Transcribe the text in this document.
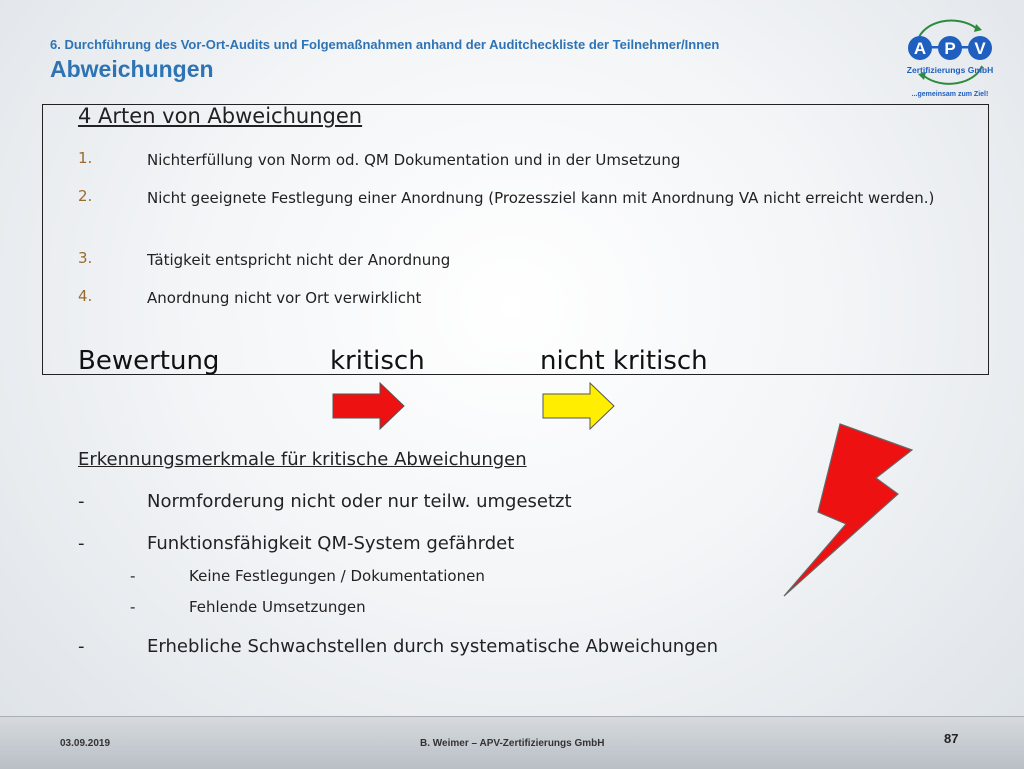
6. Durchführung des Vor-Ort-Audits und Folgemaßnahmen anhand der Auditcheckliste der Teilnehmer/Innen
Abweichungen
A P V
Zertifizierungs GmbH
...gemeinsam zum Ziel!
4 Arten von Abweichungen
1.	Nichterfüllung von Norm od. QM Dokumentation und in der Umsetzung
2.	Nicht geeignete Festlegung einer Anordnung (Prozessziel kann mit Anordnung VA nicht erreicht werden.)
3.	Tätigkeit entspricht nicht der Anordnung
4.	Anordnung nicht vor Ort verwirklicht
Bewertung	kritisch	nicht kritisch
Erkennungsmerkmale für kritische Abweichungen
-	Normforderung nicht oder nur teilw. umgesetzt
-	Funktionsfähigkeit QM-System gefährdet
-	Keine Festlegungen / Dokumentationen
-	Fehlende Umsetzungen
-	Erhebliche Schwachstellen durch systematische Abweichungen
03.09.2019	B. Weimer – APV-Zertifizierungs GmbH	87
